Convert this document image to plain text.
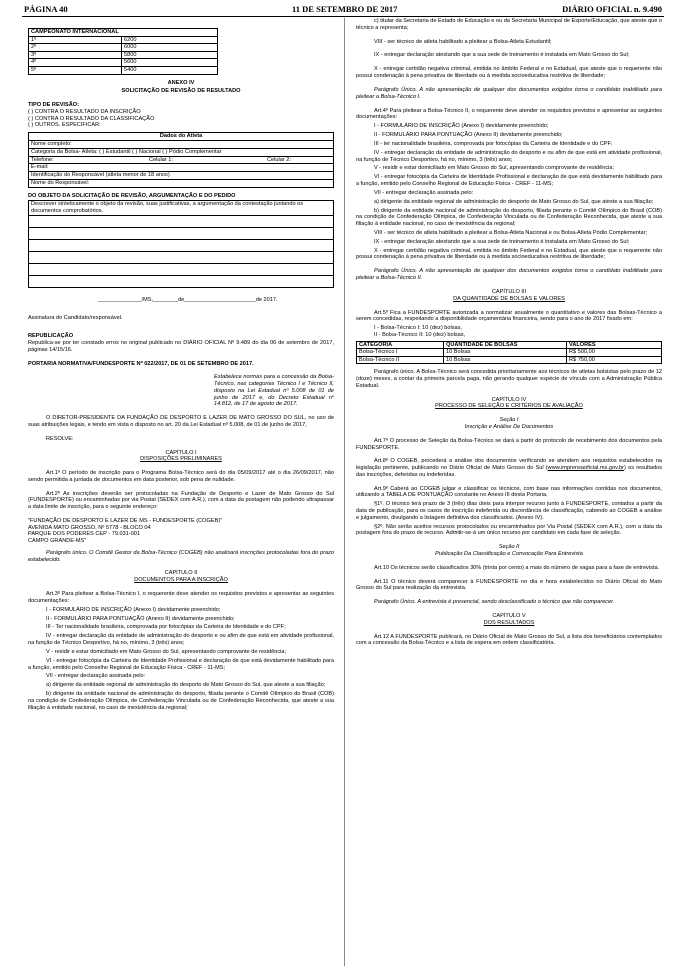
PÁGINA 40	11 DE SETEMBRO DE 2017	DIÁRIO OFICIAL n. 9.490
CAMPEONATO INTERNACIONAL	
1º	6200
2º	6000
3º	5800
4º	5600
5º	5400

ANEXO IV

SOLICITAÇÃO DE REVISÃO DE RESULTADO

TIPO DE REVISÃO:

( ) CONTRA O RESULTADO DA INSCRIÇÃO

( ) CONTRA O RESULTADO DA CLASSIFICAÇÃO

( ) OUTROS. ESPECIFICAR:

Dados do Atleta
Nome completo:
Categoria da Bolsa- Atleta: ( ) Estudantil ( ) Nacional ( ) Pódio Complementar
Telefone:	Celular 1:	Celular 2:
E-mail:
Identificação do Responsável (atleta menor de 18 anos)
Nome do Responsável:

DO OBJETO DA SOLICITAÇÃO DE REVISÃO, ARGUMENTAÇÃO E DO PEDIDO

Descrever sinteticamente o objeto da revisão, suas justificativas, a argumentação da contestação juntando os documentos comprobatórios.

______________/MS,________de_______________________de 2017.

Assinatura do Candidato/responsável.

REPUBLICAÇÃO

Republica-se por ter constado erros no original publicado no DIÁRIO OFICIAL Nº 9.489 do dia 06 de setembro de 2017, páginas 14/15/16.

PORTARIA NORMATIVA/FUNDESPORTE Nº 022/2017, DE 01 DE SETEMBRO DE 2017.

Estabelece normas para a concessão da Bolsa-Técnico, nas categorias Técnico I e Técnico II, disposto na Lei Estadual nº 5.008 de 01 de junho de 2017 e, do Decreto Estadual nº 14.812, de 17 de agosto de 2017.

O DIRETOR-PRESIDENTE DA FUNDAÇÃO DE DESPORTO E LAZER DE MATO GROSSO DO SUL, no uso de suas atribuições legais, e tendo em vista o disposto no art. 20 da Lei Estadual nº 5.008, de 01 de junho de 2017,

RESOLVE:

CAPÍTULO I

DISPOSIÇÕES PRELIMINARES

Art.1º O período de inscrição para o Programa Bolsa-Técnico será do dia 05/09/2017 até o dia 26/09/2017, não sendo permitida a juntada de documentos em data posterior, sob pena de nulidade.

Art.2º As inscrições deverão ser protocoladas na Fundação de Desporto e Lazer de Mato Grosso do Sul (FUNDESPORTE) ou encaminhadas por via Postal (SEDEX com A.R.), com a data da postagem não podendo ultrapassar a data limite de inscrição, para o seguinte endereço:

"FUNDAÇÃO DE DESPORTO E LAZER DE MS - FUNDESPORTE (COGEB)"

AVENIDA MATO GROSSO, Nº 5778 - BLOCO 04

PARQUE DOS PODERES CEP - 79.031-001

CAMPO GRANDE-MS"

Parágrafo único. O Comitê Gestor da Bolsa-Técnico (COGEB) não analisará inscrições protocoladas fora do prazo estabelecido.

CAPÍTULO II

DOCUMENTOS PARA A INSCRIÇÃO

Art.3º Para pleitear a Bolsa-Técnico I, o requerente deve atender os requisitos previstos e apresentar as seguintes documentações:

I - FORMULÁRIO DE INSCRIÇÃO (Anexo I) devidamente preenchido;

II - FORMULÁRIO PARA PONTUAÇÃO (Anexo II) devidamente preenchido;

III - Ter nacionalidade brasileira, comprovada por fotocópias da Carteira de Identidade e do CPF;

IV - entregar declaração da entidade de administração do desporto e ou afim de que está em atividade profissional, na função de Técnico Desportivo, há no, mínimo, 3 (três) anos;

V - residir e estar domiciliado em Mato Grosso do Sul, apresentando comprovante de residência;

VI - entregar fotocópia da Carteira de Identidade Profissional e declaração de que está devidamente habilitado para a função, emitido pelo Conselho Regional de Educação Física - CREF - 11-MS;

VII - entregar declaração assinada pelo:

a) dirigente da entidade regional de administração do desporto de Mato Grosso do Sul, que ateste a sua filiação;

b) dirigente da entidade nacional de administração do desporto, filiada perante o Comitê Olímpico do Brasil (COB) na condição de Confederação Olímpica, de Confederação Vinculada ou de Confederação Reconhecida, que ateste a sua filiação à entidade nacional, no caso de inexistência da regional;

c) titular da Secretaria de Estado de Educação e ou da Secretaria Municipal de Esporte/Educação, que ateste que o técnico a representa;

VIII - ser técnico de atleta habilitado a pleitear a Bolsa-Atleta Estudantil;

IX - entregar declaração atestando que a sua sede de treinamento é instalada em Mato Grosso do Sul;

X - entregar certidão negativa criminal, emitida no âmbito Federal e no Estadual, que ateste que o requerente não possui condenação à pena privativa de liberdade ou à medida socioeducativa restritiva de liberdade;

Parágrafo Único. A não apresentação de qualquer dos documentos exigidos torna o candidato inabilitado para pleitear a Bolsa-Técnico I.

Art.4º Para pleitear a Bolsa-Técnico II, o requerente deve atender os requisitos previstos e apresentar as seguintes documentações:

I - FORMULÁRIO DE INSCRIÇÃO (Anexo I) devidamente preenchido;

II - FORMULÁRIO PARA PONTUAÇÃO (Anexo II) devidamente preenchido;

III - ter nacionalidade brasileira, comprovada por fotocópias da Carteira de Identidade e do CPF;

IV - entregar declaração da entidade de administração do desporto e ou afim de que está em atividade profissional, na função de Técnico Desportivo, há no, mínimo, 3 (três) anos;

V - residir e estar domiciliado em Mato Grosso do Sul, apresentando comprovante de residência;

VI - entregar fotocópia da Carteira de Identidade Profissional e declaração de que está devidamente habilitado para a função, emitido pelo Conselho Regional de Educação Física - CREF - 11-MS;

VII - entregar declaração assinada pelo:

a) dirigente da entidade regional de administração do desporto de Mato Grosso do Sul, que ateste a sua filiação;

b) dirigente da entidade nacional de administração do desporto, filiada perante o Comitê Olímpico do Brasil (COB) na condição de Confederação Olímpica, de Confederação Vinculada ou de Confederação Reconhecida, que ateste a sua filiação à entidade nacional, no caso de inexistência da regional;

VIII - ser técnico de atleta habilitado a pleitear a Bolsa-Atleta Nacional e ou Bolsa-Atleta Pódio Complementar;

IX - entregar declaração atestando que a sua sede de treinamento é instalada em Mato Grosso do Sul;

X - entregar certidão negativa criminal, emitida no âmbito Federal e no Estadual, que ateste que o requerente não possui condenação à pena privativa de liberdade ou à medida socioeducativa restritiva de liberdade;

Parágrafo Único. A não apresentação de qualquer dos documentos exigidos torna o candidato inabilitado para pleitear a Bolsa-Técnico II.

CAPÍTULO III

DA QUANTIDADE DE BOLSAS E VALORES

Art.5º Fica a FUNDESPORTE autorizada a normatizar anualmente o quantitativo e valores das Bolsas-Técnico a serem concedidas, respeitando a disponibilidade orçamentária financeira, sendo para o ano de 2017 fixado em:

I - Bolsa-Técnico I: 10 (dez) bolsas,

II - Bolsa-Técnico II: 10 (dez) bolsas,

CATEGORIA	QUANTIDADE DE BOLSAS	VALORES
Bolsa-Técnico I	10 Bolsas	R$ 500,00
Bolsa-Técnico II	10 Bolsas	R$ 750,00

Parágrafo único. A Bolsa-Técnico será concedida prioritariamente aos técnicos de atletas bolsistas pelo prazo de 12 (doze) meses, a contar da primeira parcela paga, não gerando qualquer espécie de vínculo com a Administração Pública Estadual.

CAPÍTULO IV

PROCESSO DE SELEÇÃO E CRITÉRIOS DE AVALIAÇÃO

Seção I

Inscrição e Análise De Documentos

Art.7º O processo de Seleção da Bolsa-Técnico se dará a partir do protocolo de recebimento dos documentos pela FUNDESPORTE.

Art.8º O COGEB, procederá a análise dos documentos verificando se atendem aos requisitos estabelecidos na legislação pertinente, publicando no Diário Oficial de Mato Grosso do Sul (www.imprensaoficial.ms.gov.br) os resultados das inscrições, deferidas ou indeferidas.

Art.9º Caberá ao COGEB julgar e classificar os técnicos, com base nas informações contidas nos documentos, utilizando a TABELA DE PONTUAÇÃO constante no Anexo III desta Portaria.

§1º. O técnico terá prazo de 3 (três) dias úteis para interpor recurso junto à FUNDESPORTE, contados a partir da data de publicação, para os casos de inscrição indeferida ou discordância de classificação, cabendo ao COGEB a análise e julgamento, divulgando a listagem definitiva dos classificados. (Anexo IV).

§2º. Não serão aceitos recursos protocolados ou encaminhados por Via Postal (SEDEX com A.R.), com a data da postagem fora do prazo de recurso. Admitir-se-á um único recurso por candidato em cada fase de seleção.

Seção II

Publicação Da Classificação e Convocação Para Entrevista

Art.10 Os técnicos serão classificados 30% (trinta por cento) a mais do número de vagas para a fase de entrevista.

Art.11 O técnico deverá comparecer à FUNDESPORTE no dia e hora estabelecidos no Diário Oficial do Mato Grosso do Sul para realização da entrevista.

Parágrafo Único. A entrevista é presencial, sendo desclassificado o técnico que não comparecer.

CAPÍTULO V

DOS RESULTADOS

Art.12 A FUNDESPORTE publicará, no Diário Oficial de Mato Grosso do Sul, a lista dos beneficiários contemplados com a concessão da Bolsa-Técnico e a lista de espera em ordem classificatória.
